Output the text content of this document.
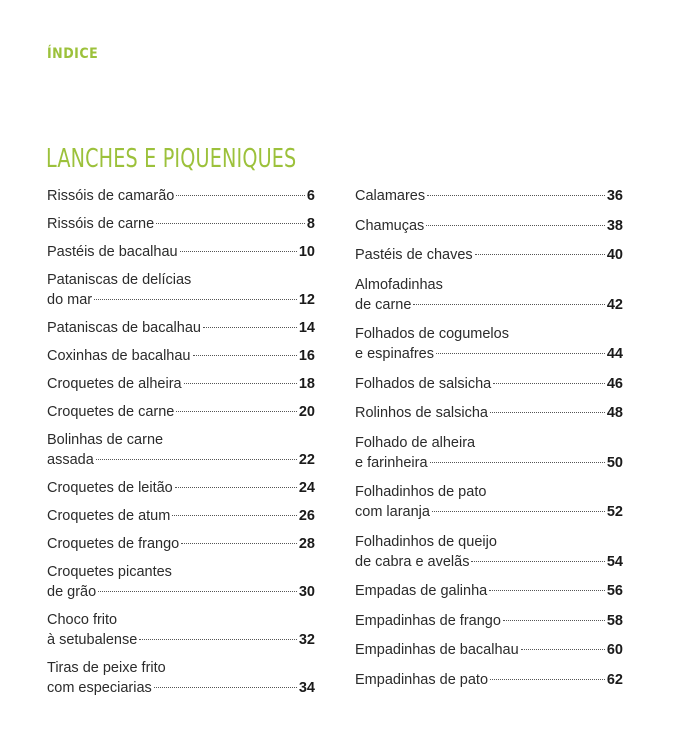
ÍNDICE
LANCHES E PIQUENIQUES
Rissóis de camarão	6
Rissóis de carne	8
Pastéis de bacalhau	10
Pataniscas de delícias
do mar	12
Pataniscas de bacalhau	14
Coxinhas de bacalhau	16
Croquetes de alheira	18
Croquetes de carne	20
Bolinhas de carne
assada	22
Croquetes de leitão	24
Croquetes de atum	26
Croquetes de frango	28
Croquetes picantes
de grão	30
Choco frito
à setubalense	32
Tiras de peixe frito
com especiarias	34
Calamares	36
Chamuças	38
Pastéis de chaves	40
Almofadinhas
de carne	42
Folhados de cogumelos
e espinafres	44
Folhados de salsicha	46
Rolinhos de salsicha	48
Folhado de alheira
e farinheira	50
Folhadinhos de pato
com laranja	52
Folhadinhos de queijo
de cabra e avelãs	54
Empadas de galinha	56
Empadinhas de frango	58
Empadinhas de bacalhau	60
Empadinhas de pato	62
